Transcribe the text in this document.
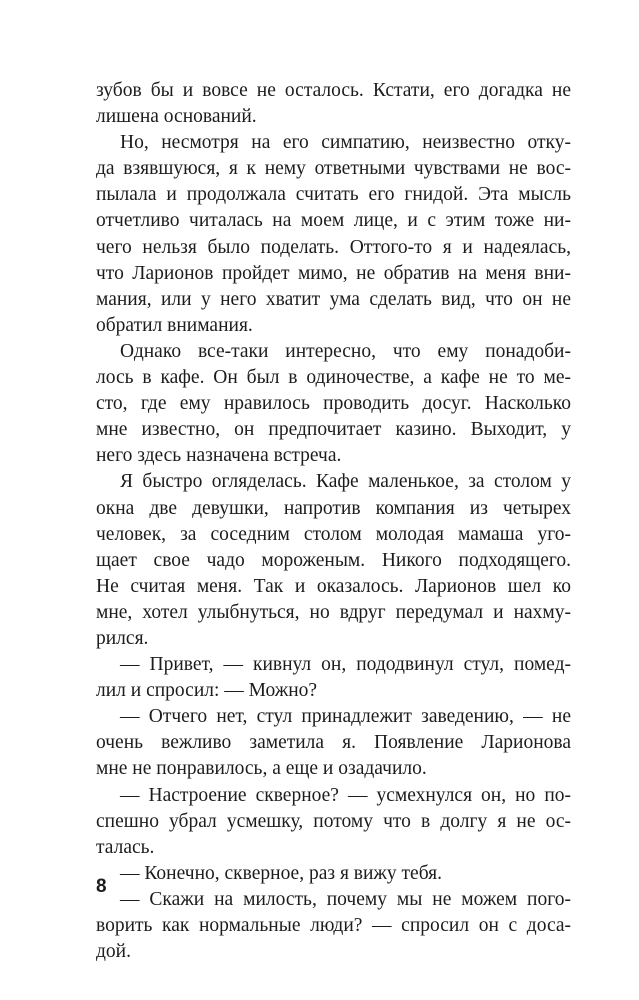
зубов бы и вовсе не осталось. Кстати, его догадка не
лишена оснований.
Но, несмотря на его симпатию, неизвестно отку-
да взявшуюся, я к нему ответными чувствами не вос-
пылала и продолжала считать его гнидой. Эта мысль
отчетливо читалась на моем лице, и с этим тоже ни-
чего нельзя было поделать. Оттого-то я и надеялась,
что Ларионов пройдет мимо, не обратив на меня вни-
мания, или у него хватит ума сделать вид, что он не
обратил внимания.
Однако все-таки интересно, что ему понадоби-
лось в кафе. Он был в одиночестве, а кафе не то ме-
сто, где ему нравилось проводить досуг. Насколько
мне известно, он предпочитает казино. Выходит, у
него здесь назначена встреча.
Я быстро огляделась. Кафе маленькое, за столом у
окна две девушки, напротив компания из четырех
человек, за соседним столом молодая мамаша уго-
щает свое чадо мороженым. Никого подходящего.
Не считая меня. Так и оказалось. Ларионов шел ко
мне, хотел улыбнуться, но вдруг передумал и нахму-
рился.
— Привет, — кивнул он, пододвинул стул, помед-
лил и спросил: — Можно?
— Отчего нет, стул принадлежит заведению, — не
очень вежливо заметила я. Появление Ларионова
мне не понравилось, а еще и озадачило.
— Настроение скверное? — усмехнулся он, но по-
спешно убрал усмешку, потому что в долгу я не ос-
талась.
— Конечно, скверное, раз я вижу тебя.
— Скажи на милость, почему мы не можем пого-
ворить как нормальные люди? — спросил он с доса-
дой.
8
